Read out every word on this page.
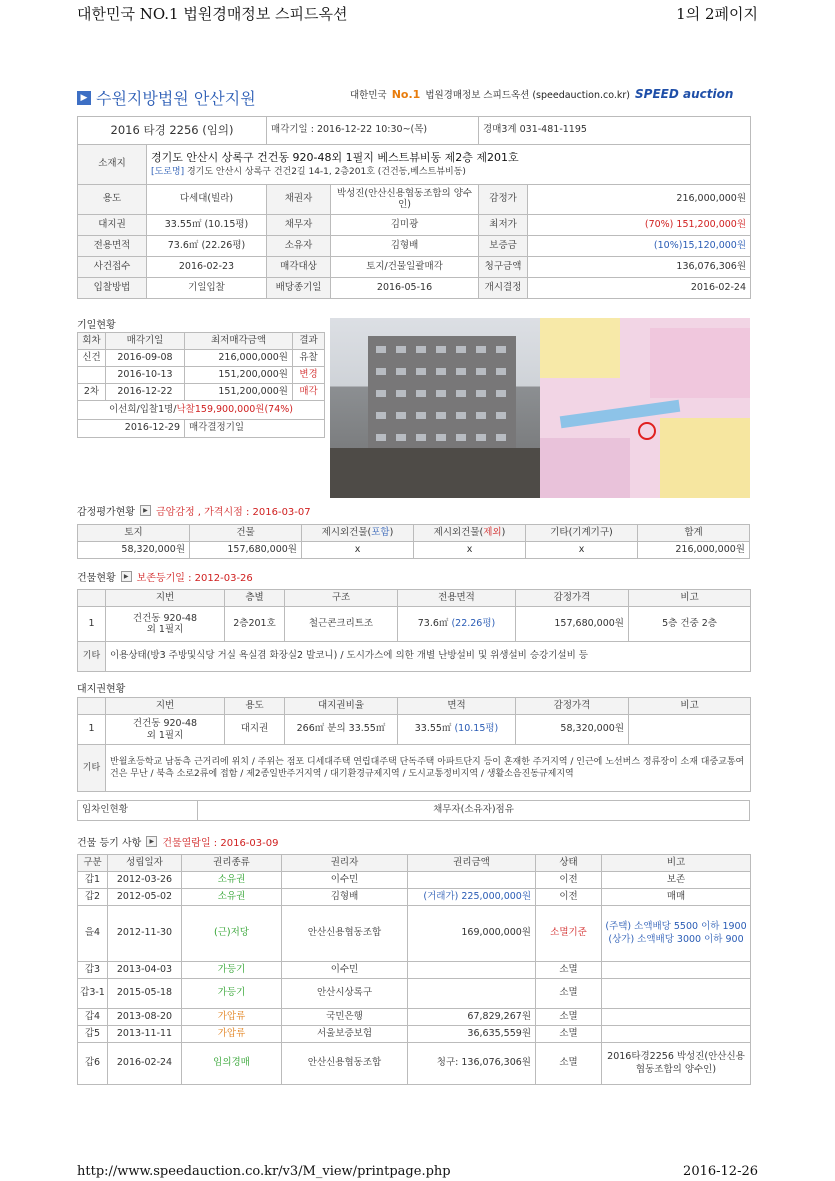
대한민국 NO.1 법원경매정보 스피드옥션	1의 2페이지
▶ 수원지방법원 안산지원	대한민국 No.1 법원경매정보 스피드옥션 (speedauction.co.kr) SPEED auction
2016 타경 2256 (임의)		매각기일 : 2016-12-22 10:30~(목)		경매3계 031-481-1195	
소재지	경기도 안산시 상록구 건건동 920-48외 1필지 베스트뷰비동 제2층 제201호
[도로명] 경기도 안산시 상록구 건건2길 14-1, 2층201호 (건건동,베스트뷰비동)				

용도	다세대(빌라)	채권자	박성진(안산신용협동조합의 양수인)	감정가	216,000,000원
대지권	33.55㎡ (10.15평)	채무자	김미광	최저가	(70%) 151,200,000원
전용면적	73.6㎡ (22.26평)	소유자	김형배	보증금	(10%)15,120,000원
사건접수	2016-02-23	매각대상	토지/건물일괄매각	청구금액	136,076,306원
입찰방법	기일입찰	배당종기일	2016-05-16	개시결정	2016-02-24
기일현황
회차	매각기일	최저매각금액	결과
신건	2016-09-08	216,000,000원	유찰
	2016-10-13	151,200,000원	변경
2차	2016-12-22	151,200,000원	매각
이선희/입찰1명/낙찰159,900,000원(74%)			
2016-12-29		매각결정기일	
감정평가현황	▶ 금암감정 , 가격시점 : 2016-03-07
토지	건물	제시외건물(포함)	제시외건물(제외)	기타(기계기구)	합계
58,320,000원	157,680,000원	x	x	x	216,000,000원
건물현황	▶ 보존등기일 : 2012-03-26
	지번	층별	구조	전용면적	감정가격	비고
1	건건동 920-48
외 1필지	2층201호	철근콘크리트조	73.6㎡ (22.26평)	157,680,000원	5층 건중 2층
기타	이용상태(방3 주방및식당 거실 욕실겸 화장실2 발코니) / 도시가스에 의한 개별 난방설비 및 위생설비 승강기설비 등					
대지권현황
	지번	용도	대지권비율	면적	감정가격	비고
1	건건동 920-48
외 1필지	대지권	266㎡ 분의 33.55㎡	33.55㎡ (10.15평)	58,320,000원	
기타	반월초등학교 남동측 근거리에 위치 / 주위는 점포 디세대주택 연립대주택 단독주택 아파트단지 등이 혼재한 주거지역 / 인근에 노선버스 정류장이 소재 대중교통여건은 무난 / 북측 소로2류에 접함 / 제2종일반주거지역 / 대기환경규제지역 / 도시교통정비지역 / 생활소음진동규제지역					
임차인현황	채무자(소유자)점유
건물 등기 사항	▶ 건물열람일 : 2016-03-09
구분	성립일자	권리종류	권리자	권리금액	상태	비고
갑1	2012-03-26	소유권	이수민		이전	보존
갑2	2012-05-02	소유권	김형배	(거래가) 225,000,000원	이전	매매
을4	2012-11-30	(근)저당	안산신용협동조합	169,000,000원	소멸기준	(주택) 소액배당 5500 이하 1900 (상가) 소액배당 3000 이하 900
갑3	2013-04-03	가등기	이수민		소멸	
갑3-1	2015-05-18	가등기	안산시상록구		소멸	
갑4	2013-08-20	가압류	국민은행	67,829,267원	소멸	
갑5	2013-11-11	가압류	서울보증보험	36,635,559원	소멸	
갑6	2016-02-24	임의경매	안산신용협동조합	청구: 136,076,306원	소멸	2016타경2256 박성진(안산신용협동조합의 양수인)
http://www.speedauction.co.kr/v3/M_view/printpage.php	2016-12-26
